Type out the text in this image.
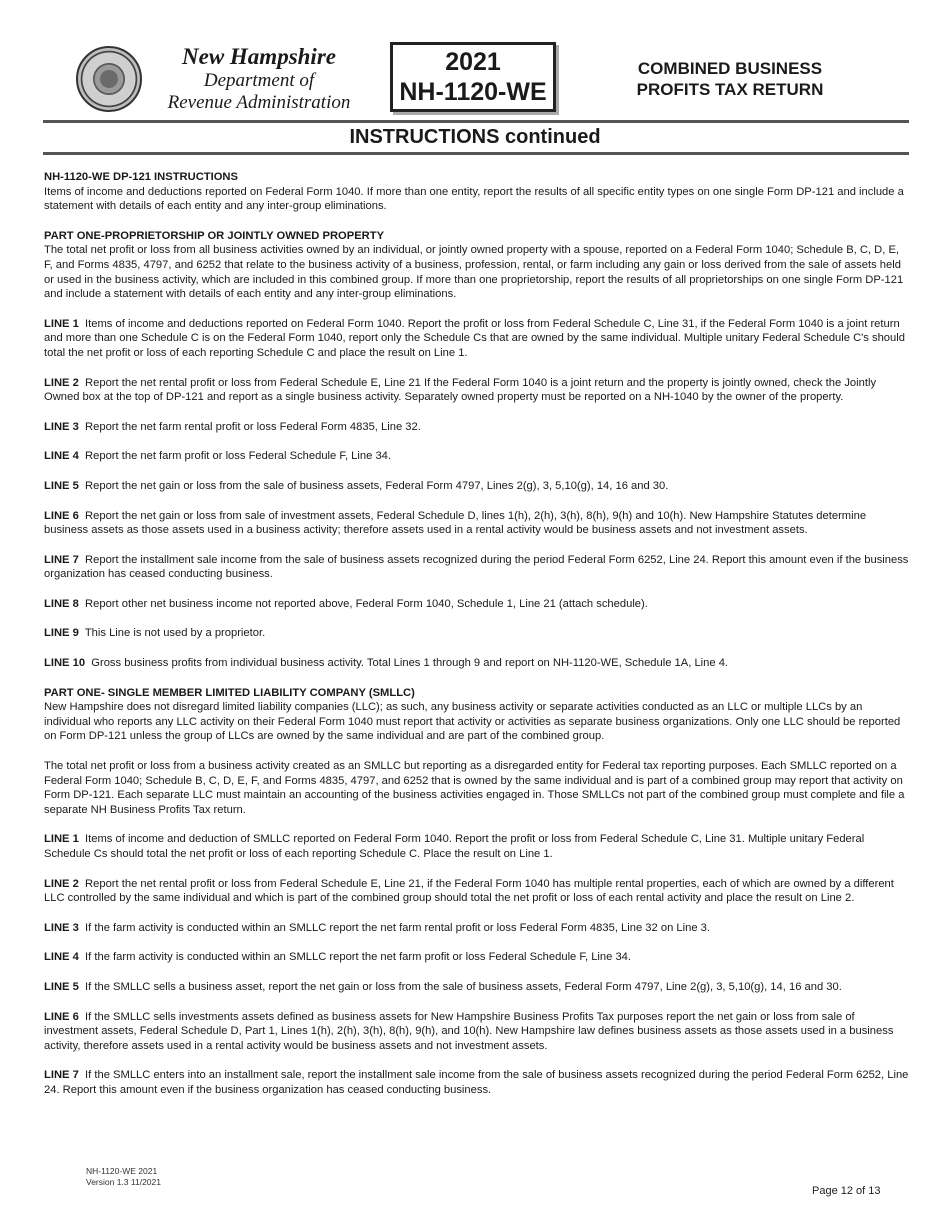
New Hampshire
Department of
Revenue Administration
2021
NH-1120-WE
COMBINED BUSINESS
PROFITS TAX RETURN
INSTRUCTIONS continued

NH-1120-WE DP-121 INSTRUCTIONS
Items of income and deductions reported on Federal Form 1040. If more than one entity, report the results of all specific entity types on one single Form DP-121 and include a statement with details of each entity and any inter-group eliminations.

PART ONE-PROPRIETORSHIP OR JOINTLY OWNED PROPERTY
The total net profit or loss from all business activities owned by an individual, or jointly owned property with a spouse, reported on a Federal Form 1040; Schedule B, C, D, E, F, and Forms 4835, 4797, and 6252 that relate to the business activity of a business, profession, rental, or farm including any gain or loss derived from the sale of assets held or used in the business activity, which are included in this combined group. If more than one proprietorship, report the results of all proprietorships on one single Form DP-121 and include a statement with details of each entity and any inter-group eliminations.

LINE 1 Items of income and deductions reported on Federal Form 1040. Report the profit or loss from Federal Schedule C, Line 31, if the Federal Form 1040 is a joint return and more than one Schedule C is on the Federal Form 1040, report only the Schedule Cs that are owned by the same individual. Multiple unitary Federal Schedule C's should total the net profit or loss of each reporting Schedule C and place the result on Line 1.

LINE 2 Report the net rental profit or loss from Federal Schedule E, Line 21 If the Federal Form 1040 is a joint return and the property is jointly owned, check the Jointly Owned box at the top of DP-121 and report as a single business activity. Separately owned property must be reported on a NH-1040 by the owner of the property.

LINE 3 Report the net farm rental profit or loss Federal Form 4835, Line 32.

LINE 4 Report the net farm profit or loss Federal Schedule F, Line 34.

LINE 5 Report the net gain or loss from the sale of business assets, Federal Form 4797, Lines 2(g), 3, 5,10(g), 14, 16 and 30.

LINE 6 Report the net gain or loss from sale of investment assets, Federal Schedule D, lines 1(h), 2(h), 3(h), 8(h), 9(h) and 10(h). New Hampshire Statutes determine business assets as those assets used in a business activity; therefore assets used in a rental activity would be business assets and not investment assets.

LINE 7 Report the installment sale income from the sale of business assets recognized during the period Federal Form 6252, Line 24. Report this amount even if the business organization has ceased conducting business.

LINE 8 Report other net business income not reported above, Federal Form 1040, Schedule 1, Line 21 (attach schedule).

LINE 9 This Line is not used by a proprietor.

LINE 10  Gross business profits from individual business activity. Total Lines 1 through 9 and report on NH-1120-WE, Schedule 1A, Line 4.

PART ONE- SINGLE MEMBER LIMITED LIABILITY COMPANY (SMLLC)
New Hampshire does not disregard limited liability companies (LLC); as such, any business activity or separate activities conducted as an LLC or multiple LLCs by an individual who reports any LLC activity on their Federal Form 1040 must report that activity or activities as separate business organizations. Only one LLC should be reported on Form DP-121 unless the group of LLCs are owned by the same individual and are part of the combined group.

The total net profit or loss from a business activity created as an SMLLC but reporting as a disregarded entity for Federal tax reporting purposes. Each SMLLC reported on a Federal Form 1040; Schedule B, C, D, E, F, and Forms 4835, 4797, and 6252 that is owned by the same individual and is part of a combined group may report that activity on Form DP-121. Each separate LLC must maintain an accounting of the business activities engaged in. Those SMLLCs not part of the combined group must complete and file a separate NH Business Profits Tax return.

LINE 1 Items of income and deduction of SMLLC reported on Federal Form 1040. Report the profit or loss from Federal Schedule C, Line 31. Multiple unitary Federal Schedule Cs should total the net profit or loss of each reporting Schedule C. Place the result on Line 1.

LINE 2 Report the net rental profit or loss from Federal Schedule E, Line 21, if the Federal Form 1040 has multiple rental properties, each of which are owned by a different LLC controlled by the same individual and which is part of the combined group should total the net profit or loss of each rental activity and place the result on Line 2.

LINE 3 If the farm activity is conducted within an SMLLC report the net farm rental profit or loss Federal Form 4835, Line 32 on Line 3.

LINE 4 If the farm activity is conducted within an SMLLC report the net farm profit or loss Federal Schedule F, Line 34.

LINE 5 If the SMLLC sells a business asset, report the net gain or loss from the sale of business assets, Federal Form 4797, Line 2(g), 3, 5,10(g), 14, 16 and 30.

LINE 6 If the SMLLC sells investments assets defined as business assets for New Hampshire Business Profits Tax purposes report the net gain or loss from sale of investment assets, Federal Schedule D, Part 1, Lines 1(h), 2(h), 3(h), 8(h), 9(h), and 10(h). New Hampshire law defines business assets as those assets used in a business activity, therefore assets used in a rental activity would be business assets and not investment assets.

LINE 7 If the SMLLC enters into an installment sale, report the installment sale income from the sale of business assets recognized during the period Federal Form 6252, Line 24. Report this amount even if the business organization has ceased conducting business.

NH-1120-WE 2021
Version 1.3 11/2021
Page 12 of 13
